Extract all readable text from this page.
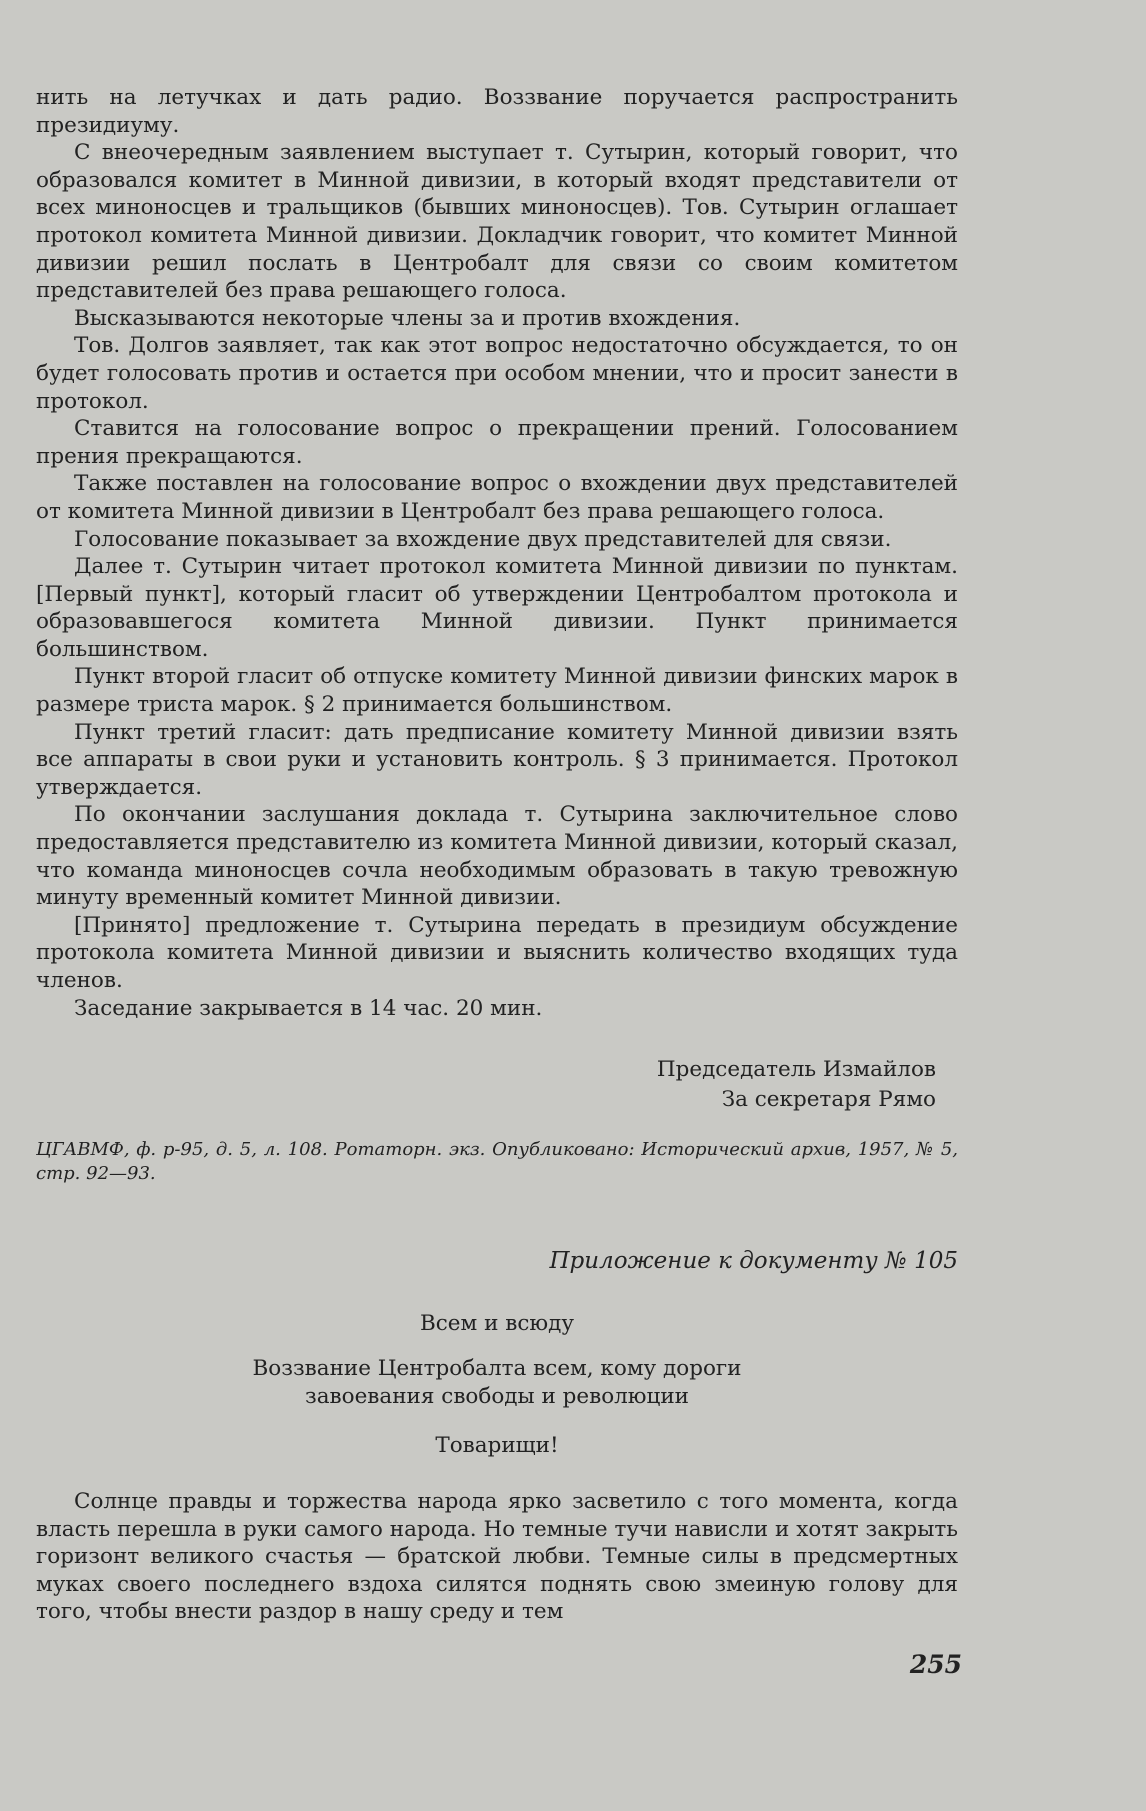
нить на летучках и дать радио. Воззвание поручается распространить президиуму.

С внеочередным заявлением выступает т. Сутырин, который говорит, что образовался комитет в Минной дивизии, в который входят представители от всех миноносцев и тральщиков (бывших миноносцев). Тов. Сутырин оглашает протокол комитета Минной дивизии. Докладчик говорит, что комитет Минной дивизии решил послать в Центробалт для связи со своим комитетом представителей без права решающего голоса.

Высказываются некоторые члены за и против вхождения.

Тов. Долгов заявляет, так как этот вопрос недостаточно обсуждается, то он будет голосовать против и остается при особом мнении, что и просит занести в протокол.

Ставится на голосование вопрос о прекращении прений. Голосованием прения прекращаются.

Также поставлен на голосование вопрос о вхождении двух представителей от комитета Минной дивизии в Центробалт без права решающего голоса.

Голосование показывает за вхождение двух представителей для связи.

Далее т. Сутырин читает протокол комитета Минной дивизии по пунктам. [Первый пункт], который гласит об утверждении Центробалтом протокола и образовавшегося комитета Минной дивизии. Пункт принимается большинством.

Пункт второй гласит об отпуске комитету Минной дивизии финских марок в размере триста марок. § 2 принимается большинством.

Пункт третий гласит: дать предписание комитету Минной дивизии взять все аппараты в свои руки и установить контроль. § 3 принимается. Протокол утверждается.

По окончании заслушания доклада т. Сутырина заключительное слово предоставляется представителю из комитета Минной дивизии, который сказал, что команда миноносцев сочла необходимым образовать в такую тревожную минуту временный комитет Минной дивизии.

[Принято] предложение т. Сутырина передать в президиум обсуждение протокола комитета Минной дивизии и выяснить количество входящих туда членов.

Заседание закрывается в 14 час. 20 мин.

Председатель Измайлов
За секретаря Рямо
ЦГАВМФ, ф. р-95, д. 5, л. 108. Ротаторн. экз. Опубликовано: Исторический архив, 1957, № 5, стр. 92—93.
Приложение к документу № 105
Всем и всюду
Воззвание Центробалта всем, кому дороги
завоевания свободы и революции
Товарищи!
Солнце правды и торжества народа ярко засветило с того момента, когда власть перешла в руки самого народа. Но темные тучи нависли и хотят закрыть горизонт великого счастья — братской любви. Темные силы в предсмертных муках своего последнего вздоха силятся поднять свою змеиную голову для того, чтобы внести раздор в нашу среду и тем
255
